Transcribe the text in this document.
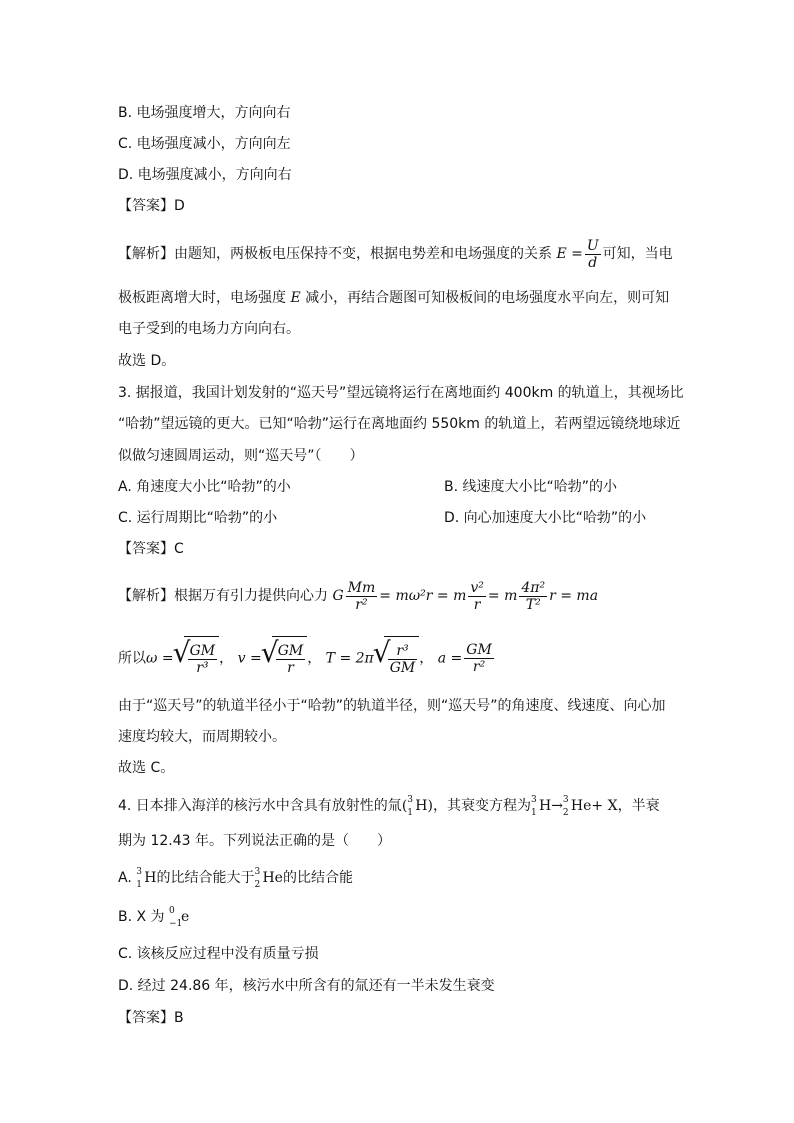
B. 电场强度增大，方向向右
C. 电场强度减小，方向向左
D. 电场强度减小，方向向右
【答案】D
【解析】由题知，两极板电压保持不变，根据电势差和电场强度的关系 $E = \frac{U}{d}$ 可知，当电
极板距离增大时，电场强度 E 减小，再结合题图可知极板间的电场强度水平向左，则可知
电子受到的电场力方向向右。
故选 D。
3. 据报道，我国计划发射的“巡天号”望远镜将运行在离地面约 400km 的轨道上，其视场比
“哈勃”望远镜的更大。已知“哈勃”运行在离地面约 550km 的轨道上，若两望远镜绕地球近
似做匀速圆周运动，则“巡天号”（　　）
A. 角速度大小比“哈勃”的小	B. 线速度大小比“哈勃”的小
C. 运行周期比“哈勃”的小	D. 向心加速度大小比“哈勃”的小
【答案】C
【解析】根据万有引力提供向心力 G $\frac{Mm}{\text{r²}} = m\omega^2r = m \frac{\text{v²}}{r} = m \frac{\text{4π²}}{\text{T²}}$ r = ma
所以ω = √ $\frac{GM}{\text{r³}}$ ， v = √ $\frac{GM}{r}$ ， T = 2π √ $\frac{\text{r³}}{GM}$ ， $a = \frac{GM}{\text{r²}}$
由于“巡天号”的轨道半径小于“哈勃”的轨道半径，则“巡天号”的角速度、线速度、向心加
速度均较大，而周期较小。
故选 C。
4. 日本排入海洋的核污水中含具有放射性的氚( 3
1 H)，其衰变方程为 3
1 H→ 3
2 He+ X，半衰
期为 12.43 年。下列说法正确的是（　　）
A. 3
1 H的比结合能大于 3
2 He的比结合能
B. X 为 0
−1
e
C. 该核反应过程中没有质量亏损
D. 经过 24.86 年，核污水中所含有的氚还有一半未发生衰变
【答案】B
